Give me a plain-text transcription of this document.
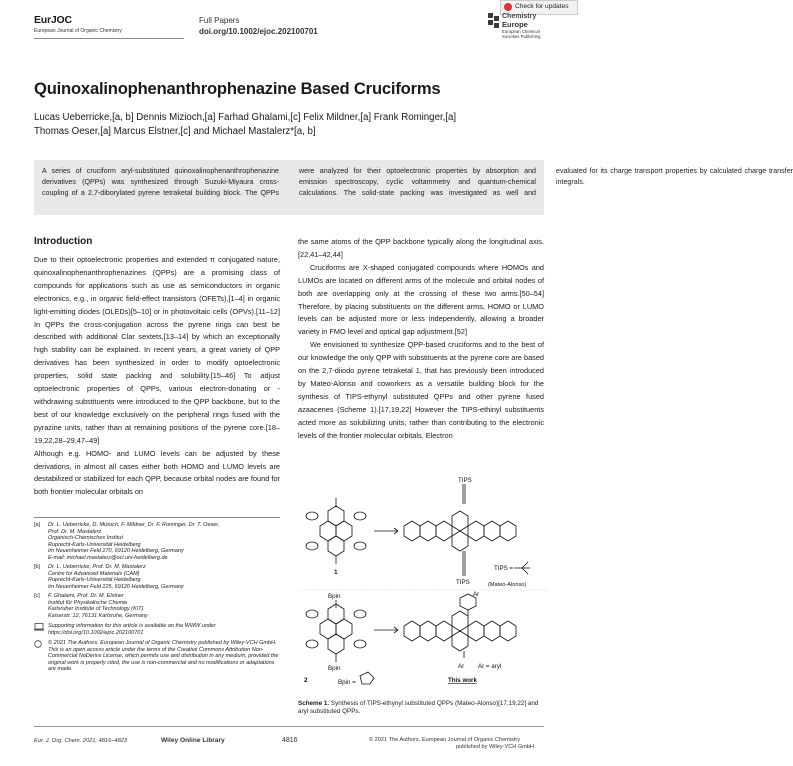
EurJOC
European Journal of Organic Chemistry
Full Papers
doi.org/10.1002/ejoc.202100701
Check for updates
Chemistry
Europe
European Chemical Societies Publishing
Quinoxalinophenanthrophenazine Based Cruciforms
Lucas Ueberricke,[a, b] Dennis Mizioch,[a] Farhad Ghalami,[c] Felix Mildner,[a] Frank Rominger,[a]
Thomas Oeser,[a] Marcus Elstner,[c] and Michael Mastalerz*[a, b]
A series of cruciform aryl-substituted quinoxalinophenanthrophenazine derivatives (QPPs) was synthesized through Suzuki-Miyaura cross-coupling of a 2,7-diborylated pyrene tetraketal building block. The QPPs were analyzed for their optoelectronic properties by absorption and emission spectroscopy, cyclic voltammetry and quantum-chemical calculations. The solid-state packing was investigated as well and evaluated for its charge transport properties by calculated charge transfer integrals.
Introduction

Due to their optoelectronic properties and extended π conjugated nature, quinoxalinophenanthrophenazines (QPPs) are a promising class of compounds for applications such as use as semiconductors in organic electronics, e.g., in organic field-effect transistors (OFETs),[1–4] in organic light-emitting diodes (OLEDs)[5–10] or in photovoltaic cells (OPVs).[11–12] In QPPs the cross-conjugation across the pyrene rings can best be described with additional Clar sextets,[13–14] by which an exceptionally high stability can be explained. In recent years, a great variety of QPP derivatives has been synthesized in order to modify optoelectronic properties, solid state packing and solubility.[15–46] To adjust optoelectronic properties of QPPs, various electron-donating or -withdrawing substituents were introduced to the QPP backbone, but to the best of our knowledge exclusively on the peripheral rings fused with the pyrazine units, rather than at remaining positions of the pyrene core.[18–19,22,28–29,47–49]

Although e.g. HOMO- and LUMO levels can be adjusted by these derivations, in almost all cases either both HOMO and LUMO levels are destabilized or stabilized for each QPP, because orbital nodes are found for both frontier molecular orbitals on

[a] Dr. L. Ueberricke, D. Mizioch, F. Mildner, Dr. F. Rominger, Dr. T. Oeser,
Prof. Dr. M. Mastalerz
Organisch-Chemisches Institut
Ruprecht-Karls-Universität Heidelberg
Im Neuenheimer Feld 270, 69120 Heidelberg, Germany
E-mail: michael.mastalerz@oci.uni-heidelberg.de
[b] Dr. L. Ueberricke, Prof. Dr. M. Mastalerz
Centre for Advanced Materials (CAM)
Ruprecht-Karls-Universität Heidelberg
Im Neuenheimer Feld 225, 69120 Heidelberg, Germany
[c] F. Ghalami, Prof. Dr. M. Elstner
Institut für Physikalische Chemie
Karlsruher Institute of Technology (KIT)
Kaiserstr. 12, 76131 Karlsruhe, Germany
Supporting information for this article is available on the WWW under https://doi.org/10.1002/ejoc.202100701
© 2021 The Authors. European Journal of Organic Chemistry published by Wiley-VCH GmbH. This is an open access article under the terms of the Creative Commons Attribution Non-Commercial NoDerivs License, which permits use and distribution in any medium, provided the original work is properly cited, the use is non-commercial and no modifications or adaptations are made.

the same atoms of the QPP backbone typically along the longitudinal axis.[22,41–42,44]

Cruciforms are X-shaped conjugated compounds where HOMOs and LUMOs are located on different arms of the molecule and orbital nodes of both are overlapping only at the crossing of these two arms.[50–54] Therefore, by placing substituents on the different arms, HOMO or LUMO levels can be adjusted more or less independently, allowing a broader variety in FMO level and optical gap adjustment.[52]

We envisioned to synthesize QPP-based cruciforms and to the best of our knowledge the only QPP with substituents at the pyrene core are based on the 2,7-diiodo pyrene tetraketal 1, that has previously been introduced by Mateo-Alonso and coworkers as a versatile building block for the synthesis of TIPS-ethynyl substituted QPPs and other pyrene fused azaacenes (Scheme 1).[17,19,22] However the TIPS-ethinyl substituents acted more as solubilizing units, rather than contributing to the electronic levels of the frontier molecular orbitals. Electron

TIPS
TIPS
1
TIPS =
(Mateo-Alonso)
Bpin
Bpin
2	Bpin =
Ar
Ar Ar = aryl
This work
Scheme 1. Synthesis of TIPS-ethynyl substituted QPPs (Mateo-Alonso)[17,19,22] and aryl substituted QPPs.
Eur. J. Org. Chem. 2021, 4816–4823	Wiley Online Library	4816	© 2021 The Authors. European Journal of Organic Chemistry
published by Wiley-VCH GmbH
